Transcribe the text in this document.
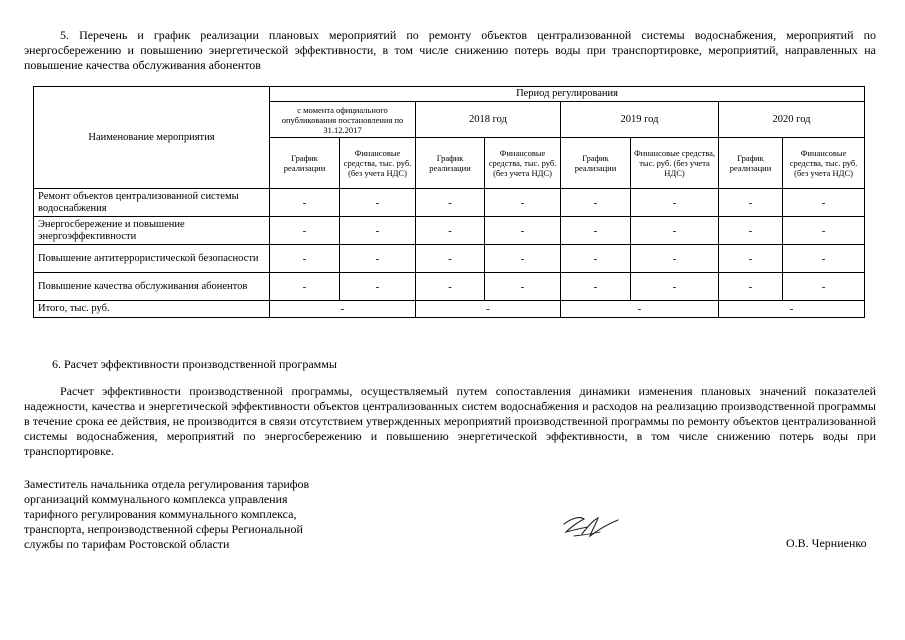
5. Перечень и график реализации плановых мероприятий по ремонту объектов централизованной системы водоснабжения, мероприятий по энергосбережению и повышению энергетической эффективности, в том числе снижению потерь воды при транспортировке, мероприятий, направленных на повышение качества обслуживания абонентов
Наименование мероприятия	Период регулирования							
	с момента официального опубликования постановления по 31.12.2017		2018 год		2019 год		2020 год	
	График реализации	Финансовые средства, тыс. руб. (без учета НДС)	График реализации	Финансовые средства, тыс. руб. (без учета НДС)	График реализации	Финансовые средства, тыс. руб. (без учета НДС)	График реализации	Финансовые средства, тыс. руб. (без учета НДС)
Ремонт объектов централизованной системы водоснабжения	-	-	-	-	-	-	-	-
Энергосбережение и повышение энергоэффективности	-	-	-	-	-	-	-	-
Повышение антитеррористической безопасности	-	-	-	-	-	-	-	-
Повышение качества обслуживания абонентов	-	-	-	-	-	-	-	-
Итого, тыс. руб.	-		-		-		-	
6. Расчет эффективности производственной программы
Расчет эффективности производственной программы, осуществляемый путем сопоставления динамики изменения плановых значений показателей надежности, качества и энергетической эффективности объектов централизованных систем водоснабжения и расходов на реализацию производственной программы в течение срока ее действия, не производится в связи отсутствием утвержденных мероприятий производственной программы по ремонту объектов централизованной системы водоснабжения, мероприятий по энергосбережению и повышению энергетической эффективности, в том числе снижению потерь воды при транспортировке.
Заместитель начальника отдела регулирования тарифов
организаций коммунального комплекса управления
тарифного регулирования коммунального комплекса,
транспорта, непроизводственной сферы Региональной
службы по тарифам Ростовской области	О.В. Черниенко
